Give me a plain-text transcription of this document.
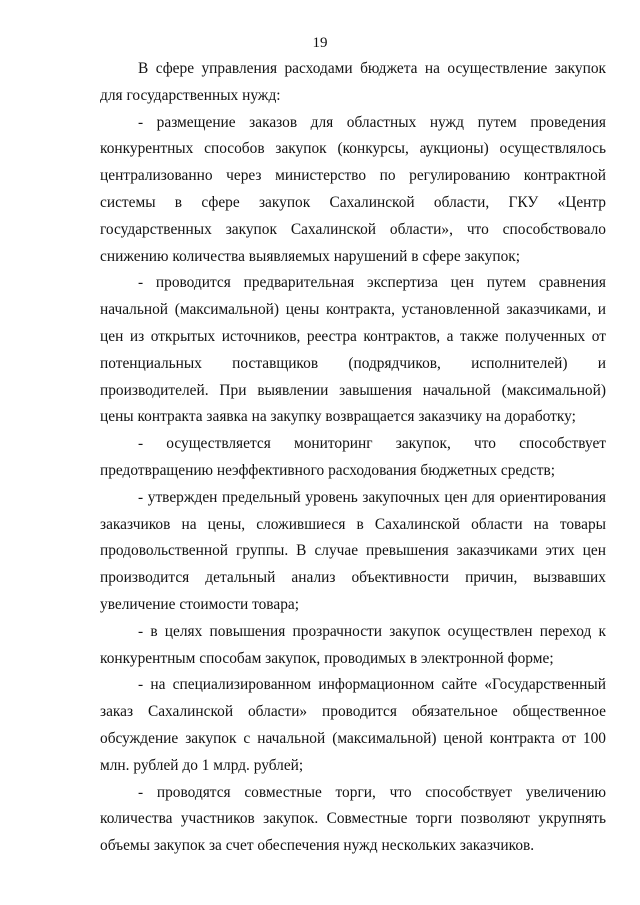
19

В сфере управления расходами бюджета на осуществление закупок для государственных нужд:

- размещение заказов для областных нужд путем проведения конкурентных способов закупок (конкурсы, аукционы) осуществлялось централизованно через министерство по регулированию контрактной системы в сфере закупок Сахалинской области, ГКУ «Центр государственных закупок Сахалинской области», что способствовало снижению количества выявляемых нарушений в сфере закупок;

- проводится предварительная экспертиза цен путем сравнения начальной (максимальной) цены контракта, установленной заказчиками, и цен из открытых источников, реестра контрактов, а также полученных от потенциальных поставщиков (подрядчиков, исполнителей) и производителей. При выявлении завышения начальной (максимальной) цены контракта заявка на закупку возвращается заказчику на доработку;

- осуществляется мониторинг закупок, что способствует предотвращению неэффективного расходования бюджетных средств;

- утвержден предельный уровень закупочных цен для ориентирования заказчиков на цены, сложившиеся в Сахалинской области на товары продовольственной группы. В случае превышения заказчиками этих цен производится детальный анализ объективности причин, вызвавших увеличение стоимости товара;

- в целях повышения прозрачности закупок осуществлен переход к конкурентным способам закупок, проводимых в электронной форме;

- на специализированном информационном сайте «Государственный заказ Сахалинской области» проводится обязательное общественное обсуждение закупок с начальной (максимальной) ценой контракта от 100 млн. рублей до 1 млрд. рублей;

- проводятся совместные торги, что способствует увеличению количества участников закупок. Совместные торги позволяют укрупнять объемы закупок за счет обеспечения нужд нескольких заказчиков.
